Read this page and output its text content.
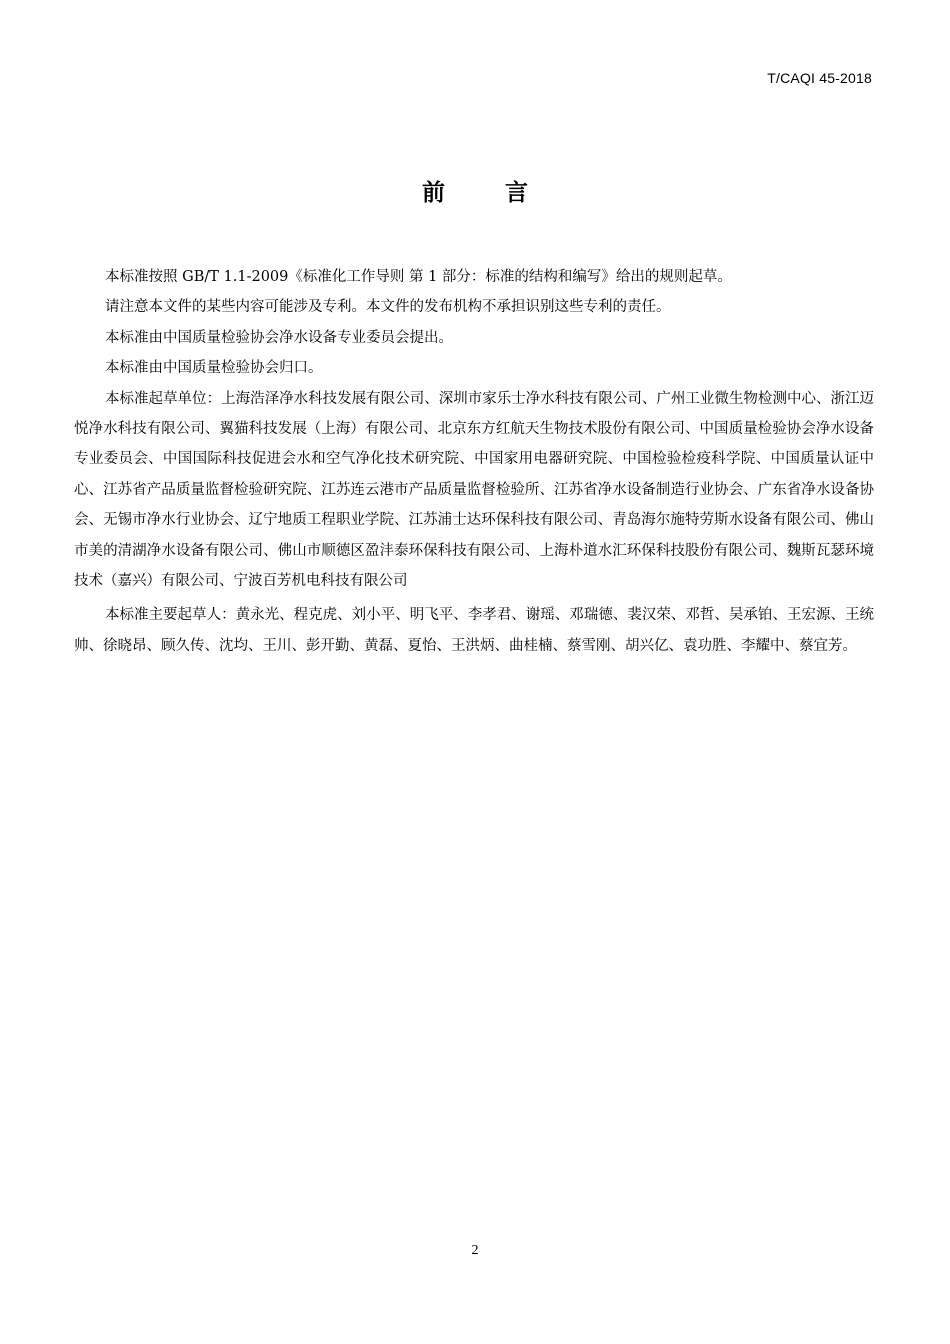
T/CAQI 45-2018
前 言

本标准按照 GB/T 1.1-2009《标准化工作导则 第 1 部分：标准的结构和编写》给出的规则起草。

请注意本文件的某些内容可能涉及专利。本文件的发布机构不承担识别这些专利的责任。

本标准由中国质量检验协会净水设备专业委员会提出。

本标准由中国质量检验协会归口。

本标准起草单位：上海浩泽净水科技发展有限公司、深圳市家乐士净水科技有限公司、广州工业微生物检测中心、浙江迈悦净水科技有限公司、翼猫科技发展（上海）有限公司、北京东方红航天生物技术股份有限公司、中国质量检验协会净水设备专业委员会、中国国际科技促进会水和空气净化技术研究院、中国家用电器研究院、中国检验检疫科学院、中国质量认证中心、江苏省产品质量监督检验研究院、江苏连云港市产品质量监督检验所、江苏省净水设备制造行业协会、广东省净水设备协会、无锡市净水行业协会、辽宁地质工程职业学院、江苏浦士达环保科技有限公司、青岛海尔施特劳斯水设备有限公司、佛山市美的清湖净水设备有限公司、佛山市顺德区盈沣泰环保科技有限公司、上海朴道水汇环保科技股份有限公司、魏斯瓦瑟环境技术（嘉兴）有限公司、宁波百芳机电科技有限公司

本标准主要起草人：黄永光、程克虎、刘小平、明飞平、李孝君、谢瑶、邓瑞德、裴汉荣、邓哲、吴承铂、王宏源、王统帅、徐晓昂、顾久传、沈均、王川、彭开勤、黄磊、夏怡、王洪炳、曲桂楠、蔡雪刚、胡兴亿、袁功胜、李耀中、蔡宜芳。

2
